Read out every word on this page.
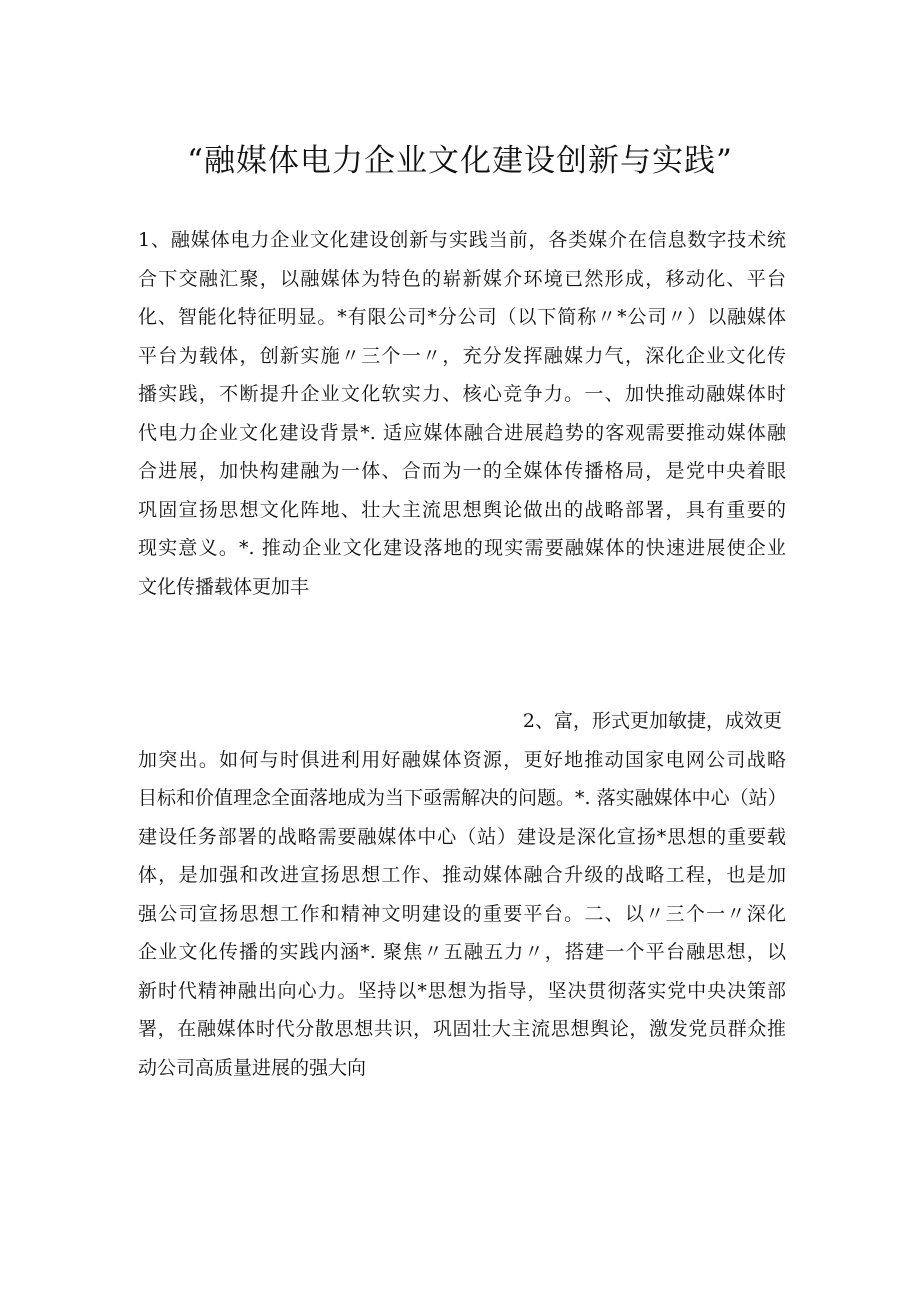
“融媒体电力企业文化建设创新与实践”
1、融媒体电力企业文化建设创新与实践当前，各类媒介在信息数字技术统
合下交融汇聚，以融媒体为特色的崭新媒介环境已然形成，移动化、平台
化、智能化特征明显。*有限公司*分公司（以下简称〃*公司〃）以融媒体
平台为载体，创新实施〃三个一〃，充分发挥融媒力气，深化企业文化传
播实践，不断提升企业文化软实力、核心竞争力。一、加快推动融媒体时
代电力企业文化建设背景*. 适应媒体融合进展趋势的客观需要推动媒体融
合进展，加快构建融为一体、合而为一的全媒体传播格局，是党中央着眼
巩固宣扬思想文化阵地、壮大主流思想舆论做出的战略部署，具有重要的
现实意义。*. 推动企业文化建设落地的现实需要融媒体的快速进展使企业
文化传播载体更加丰
2、富，形式更加敏捷，成效更
加突出。如何与时俱进利用好融媒体资源，更好地推动国家电网公司战略
目标和价值理念全面落地成为当下亟需解决的问题。*. 落实融媒体中心（站）
建设任务部署的战略需要融媒体中心（站）建设是深化宣扬*思想的重要载
体，是加强和改进宣扬思想工作、推动媒体融合升级的战略工程，也是加
强公司宣扬思想工作和精神文明建设的重要平台。二、以〃三个一〃深化
企业文化传播的实践内涵*. 聚焦〃五融五力〃，搭建一个平台融思想，以
新时代精神融出向心力。坚持以*思想为指导，坚决贯彻落实党中央决策部
署，在融媒体时代分散思想共识，巩固壮大主流思想舆论，激发党员群众推
动公司高质量进展的强大向
